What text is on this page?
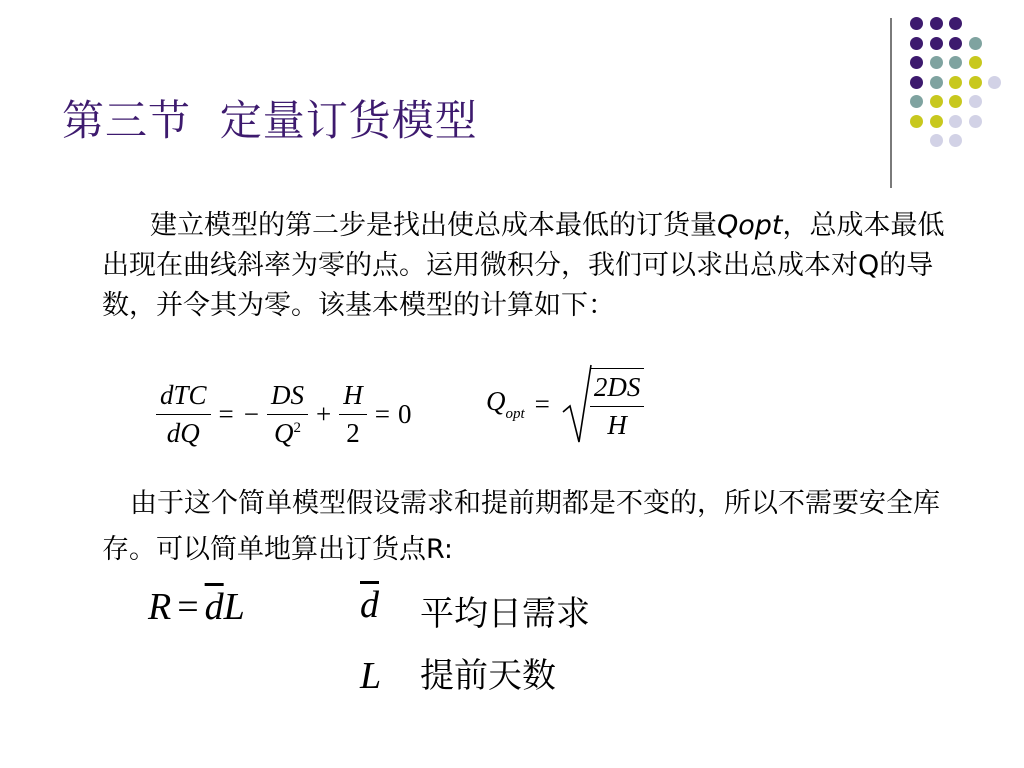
第三节  定量订货模型
建立模型的第二步是找出使总成本最低的订货量Qopt，总成本最低出现在曲线斜率为零的点。运用微积分，我们可以求出总成本对Q的导数，并令其为零。该基本模型的计算如下：
$\frac{\text{dTC}}{dQ}$ = − $\frac{DS}{Q^2} + \frac{H}{2} = 0$	$Q_{opt} = \frac{2DS}{H}$
由于这个简单模型假设需求和提前期都是不变的，所以不需要安全库存。可以简单地算出订货点R:
$R = \overline{d}$ L	$\overline{d}$ 平均日需求
L 提前天数
